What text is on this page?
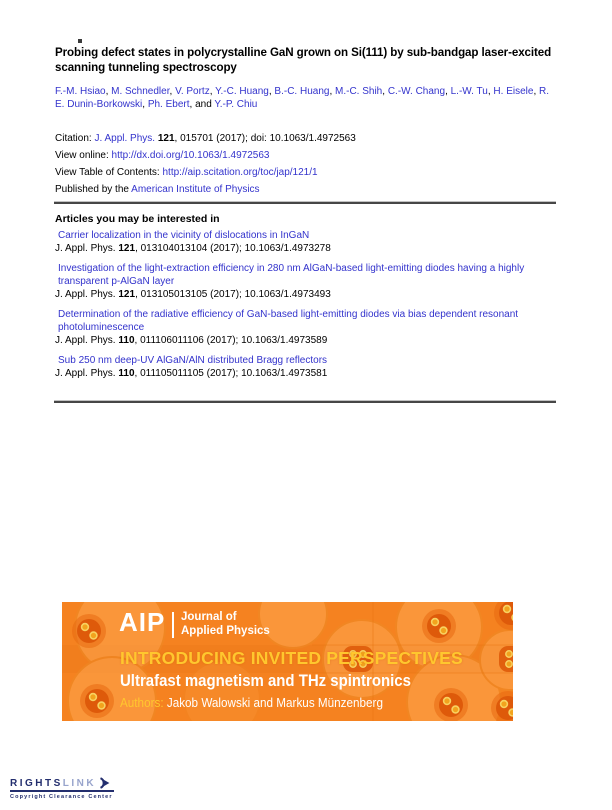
Probing defect states in polycrystalline GaN grown on Si(111) by sub-bandgap laser-excited scanning tunneling spectroscopy
F.-M. Hsiao, M. Schnedler, V. Portz, Y.-C. Huang, B.-C. Huang, M.-C. Shih, C.-W. Chang, L.-W. Tu, H. Eisele, R. E. Dunin-Borkowski, Ph. Ebert, and Y.-P. Chiu
Citation: J. Appl. Phys. 121, 015701 (2017); doi: 10.1063/1.4972563
View online: http://dx.doi.org/10.1063/1.4972563
View Table of Contents: http://aip.scitation.org/toc/jap/121/1
Published by the American Institute of Physics
Articles you may be interested in
Carrier localization in the vicinity of dislocations in InGaN
J. Appl. Phys. 121, 013104013104 (2017); 10.1063/1.4973278
Investigation of the light-extraction efficiency in 280 nm AlGaN-based light-emitting diodes having a highly transparent p-AlGaN layer
J. Appl. Phys. 121, 013105013105 (2017); 10.1063/1.4973493
Determination of the radiative efficiency of GaN-based light-emitting diodes via bias dependent resonant photoluminescence
J. Appl. Phys. 110, 011106011106 (2017); 10.1063/1.4973589
Sub 250 nm deep-UV AlGaN/AlN distributed Bragg reflectors
J. Appl. Phys. 110, 011105011105 (2017); 10.1063/1.4973581
AIP Journal of
Applied Physics
INTRODUCING INVITED PERSPECTIVES
Ultrafast magnetism and THz spintronics
Authors: Jakob Walowski and Markus Münzenberg
RIGHTS LINK
Copyright Clearance Center
